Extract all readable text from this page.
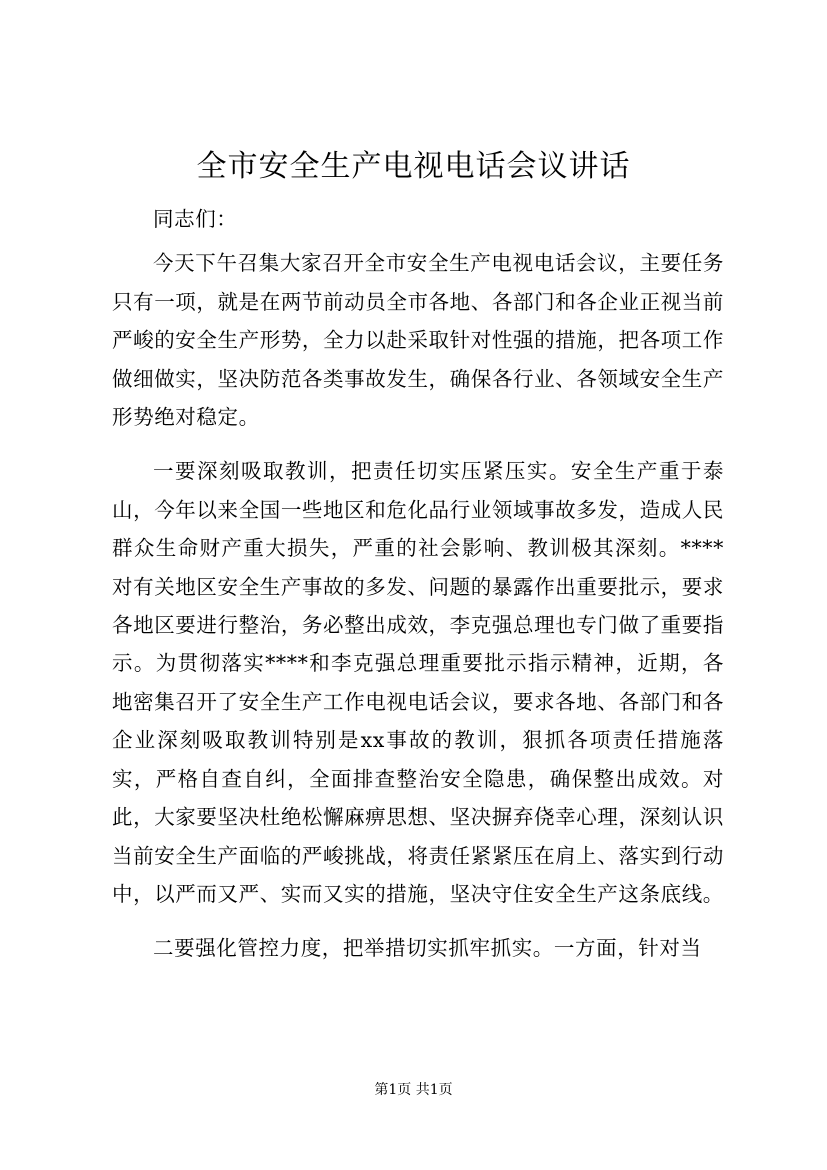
全市安全生产电视电话会议讲话

同志们：

今天下午召集大家召开全市安全生产电视电话会议，主要任务只有一项，就是在两节前动员全市各地、各部门和各企业正视当前严峻的安全生产形势，全力以赴采取针对性强的措施，把各项工作做细做实，坚决防范各类事故发生，确保各行业、各领域安全生产形势绝对稳定。

一要深刻吸取教训，把责任切实压紧压实。安全生产重于泰山，今年以来全国一些地区和危化品行业领域事故多发，造成人民群众生命财产重大损失，严重的社会影响、教训极其深刻。****对有关地区安全生产事故的多发、问题的暴露作出重要批示，要求各地区要进行整治，务必整出成效，李克强总理也专门做了重要指示。为贯彻落实****和李克强总理重要批示指示精神，近期，各地密集召开了安全生产工作电视电话会议，要求各地、各部门和各企业深刻吸取教训特别是xx事故的教训，狠抓各项责任措施落实，严格自查自纠，全面排查整治安全隐患，确保整出成效。对此，大家要坚决杜绝松懈麻痹思想、坚决摒弃侥幸心理，深刻认识当前安全生产面临的严峻挑战，将责任紧紧压在肩上、落实到行动中，以严而又严、实而又实的措施，坚决守住安全生产这条底线。

二要强化管控力度，把举措切实抓牢抓实。一方面，针对当

第1页 共1页
